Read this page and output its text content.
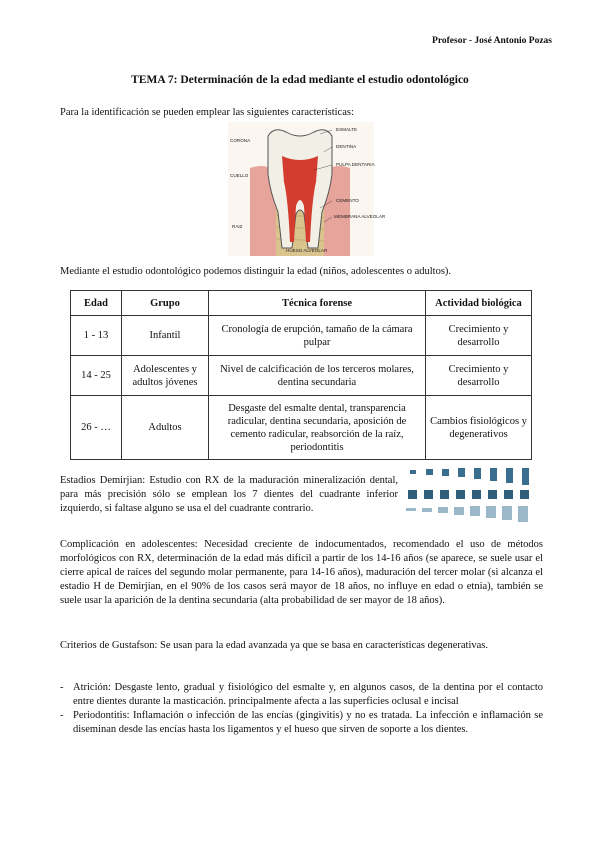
Profesor - José Antonio Pozas
TEMA 7: Determinación de la edad mediante el estudio odontológico
Para la identificación se pueden emplear las siguientes características:
CORONA
CUELLO
RAIZ
ESMALTE
DENTINA
PULPA DENTARIA
CEMENTO
MEMBRANA ALVEOLAR
HUESO ALVEOLAR
Mediante el estudio odontológico podemos distinguir la edad (niños, adolescentes o adultos).
Edad	Grupo	Técnica forense	Actividad biológica
1 - 13	Infantil	Cronología de erupción, tamaño de la cámara pulpar	Crecimiento y desarrollo
14 - 25	Adolescentes y adultos jóvenes	Nivel de calcificación de los terceros molares, dentina secundaria	Crecimiento y desarrollo
26 - …	Adultos	Desgaste del esmalte dental, transparencia radicular, dentina secundaria, aposición de cemento radicular, reabsorción de la raíz, periodontitis	Cambios fisiológicos y degenerativos
Estadios Demirjian: Estudio con RX de la maduración mineralización dental, para más precisión sólo se emplean los 7 dientes del cuadrante inferior izquierdo, si faltase alguno se usa el del cuadrante contrario.
Complicación en adolescentes: Necesidad creciente de indocumentados, recomendado el uso de métodos morfológicos con RX, determinación de la edad más difícil a partir de los 14-16 años (se aparece, se suele usar el cierre apical de raíces del segundo molar permanente, para 14-16 años), maduración del tercer molar (si alcanza el estadio H de Demirjian, en el 90% de los casos será mayor de 18 años, no influye en edad o etnia), también se suele usar la aparición de la dentina secundaria (alta probabilidad de ser mayor de 18 años).
Criterios de Gustafson: Se usan para la edad avanzada ya que se basa en características degenerativas.
- Atrición: Desgaste lento, gradual y fisiológico del esmalte y, en algunos casos, de la dentina por el contacto entre dientes durante la masticación. principalmente afecta a las superficies oclusal e incisal
- Periodontitis: Inflamación o infección de las encías (gingivitis) y no es tratada. La infección e inflamación se diseminan desde las encías hasta los ligamentos y el hueso que sirven de soporte a los dientes.
